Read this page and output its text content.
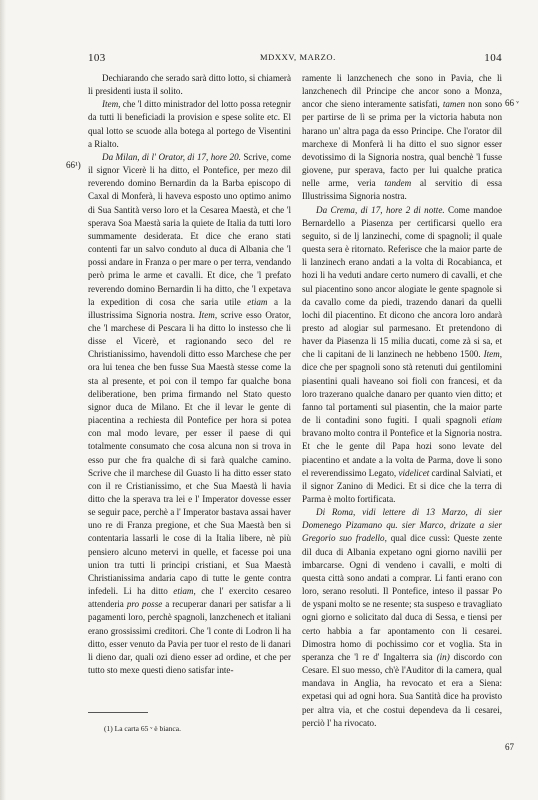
103	MDXXV, MARZO.	104
66¹)
66 ᵛ
67

Dechiarando che serado sarà ditto lotto, si chiamerà li presidenti iusta il solito.

Item, che 'l ditto ministrador del lotto possa retegnir da tutti li beneficiadi la provision e spese solite etc. El qual lotto se scuode alla botega al portego de Visentini a Rialto.

Da Milan, di l' Orator, di 17, hore 20. Scrive, come il signor Vicerè li ha ditto, el Pontefice, per mezo dil reverendo domino Bernardin da la Barba episcopo di Caxal di Monferà, li haveva esposto uno optimo animo di Sua Santità verso loro et la Cesarea Maestà, et che 'l sperava Soa Maestà saria la quiete de Italia da tutti loro summamente desiderata. Et dice che erano stati contenti far un salvo conduto al duca di Albania che 'l possi andare in Franza o per mare o per terra, vendando però prima le arme et cavalli. Et dice, che 'l prefato reverendo domino Bernardin li ha ditto, che 'l expetava la expedition di cosa che saria utile etiam a la illustrissima Signoria nostra. Item, scrive esso Orator, che 'l marchese di Pescara li ha ditto lo instesso che li disse el Vicerè, et ragionando seco del re Christianissimo, havendoli ditto esso Marchese che per ora lui tenea che ben fusse Sua Maestà stesse come la sta al presente, et poi con il tempo far qualche bona deliberatione, ben prima firmando nel Stato questo signor duca de Milano. Et che il levar le gente di piacentina a rechiesta dil Pontefice per hora si potea con mal modo levare, per esser il paese di qui totalmente consumato che cosa alcuna non si trova in esso pur che fra qualche dì si farà qualche camino. Scrive che il marchese dil Guasto li ha ditto esser stato con il re Cristianissimo, et che Sua Maestà li havia ditto che la sperava tra lei e l' Imperator dovesse esser se seguir pace, perchè a l' Imperator bastava assai haver uno re di Franza pregione, et che Sua Maestà ben si contentaria lassarli le cose di la Italia libere, nè più pensiero alcuno metervi in quelle, et facesse poi una union tra tutti li principi cristiani, et Sua Maestà Christianissima andaria capo di tutte le gente contra infedeli. Li ha ditto etiam, che l' exercito cesareo attenderia pro posse a recuperar danari per satisfar a li pagamenti loro, perchè spagnoli, lanzchenech et italiani erano grossissimi creditori. Che 'l conte di Lodron li ha ditto, esser venuto da Pavia per tuor el resto de li danari li dieno dar, quali ozi dieno esser ad ordine, et che per tutto sto mexe questi dieno satisfar inte-

(1) La carta 65 ᵛ è bianca.

ramente li lanzchenech che sono in Pavia, che li lanzchenech dil Principe che ancor sono a Monza, ancor che sieno interamente satisfati, tamen non sono per partirse de lì se prima per la victoria habuta non harano un' altra paga da esso Principe. Che l'orator dil marchexe di Monferà li ha ditto el suo signor esser devotissimo di la Signoria nostra, qual benchè 'l fusse giovene, pur sperava, facto per lui qualche pratica nelle arme, veria tandem al servitio di essa Illustrissima Signoria nostra.

Da Crema, di 17, hore 2 di notte. Come mandoe Bernardello a Piasenza per certificarsi quello era seguito, si de lj lanzinechi, come di spagnoli; il quale questa sera è ritornato. Referisce che la maior parte de li lanzinech erano andati a la volta di Rocabianca, et hozi li ha veduti andare certo numero di cavalli, et che sul piacentino sono ancor alogiate le gente spagnole si da cavallo come da piedi, trazendo danari da quelli lochi dil piacentino. Et dicono che ancora loro andarà presto ad alogiar sul parmesano. Et pretendono di haver da Piasenza li 15 milia ducati, come zà si sa, et che li capitani de li lanzinech ne hebbeno 1500. Item, dice che per spagnoli sono stà retenuti dui gentilomini piasentini quali haveano soi fioli con francesi, et da loro trazerano qualche danaro per quanto vien ditto; et fanno tal portamenti sul piasentin, che la maior parte de li contadini sono fugiti. I quali spagnoli etiam bravano molto contra il Pontefice et la Signoria nostra. Et che le gente dil Papa hozi sono levate del piacentino et andate a la volta de Parma, dove li sono el reverendissimo Legato, videlicet cardinal Salviati, et il signor Zanino di Medici. Et si dice che la terra di Parma è molto fortificata.

Di Roma, vidi lettere di 13 Marzo, di sier Domenego Pizamano qu. sier Marco, drizate a sier Gregorio suo fradello, qual dice cussì: Queste zente dil duca di Albania expetano ogni giorno navilii per imbarcarse. Ogni dì vendeno i cavalli, e molti di questa città sono andati a comprar. Li fanti erano con loro, serano resoluti. Il Pontefice, inteso il passar Po de yspani molto se ne resente; sta suspeso e travagliato ogni giorno e solicitato dal duca di Sessa, e tiensi per certo habbia a far apontamento con li cesarei. Dimostra homo di pochissimo cor et voglia. Sta in speranza che 'l re d' Ingalterra sia (in) discordo con Cesare. El suo messo, ch'è l'Auditor di la camera, qual mandava in Anglia, ha revocato et era a Siena: expetasi qui ad ogni hora. Sua Santità dice ha provisto per altra via, et che costui dependeva da li cesarei, perciò l' ha rivocato.
